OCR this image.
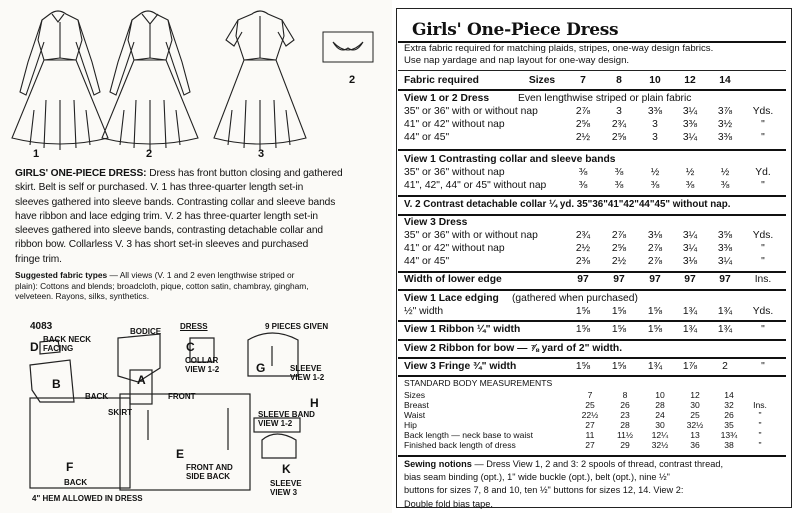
1	2	3
2
GIRLS' ONE-PIECE DRESS: Dress has front button closing and gathered
skirt. Belt is self or purchased. V. 1 has three-quarter length set-in
sleeves gathered into sleeve bands. Contrasting collar and sleeve bands
have ribbon and lace edging trim. V. 2 has three-quarter length set-in
sleeves gathered into sleeve bands, contrasting detachable collar and
ribbon bow. Collarless V. 3 has short set-in sleeves and purchased
fringe trim.
Suggested fabric types — All views (V. 1 and 2 even lengthwise striped or
plain): Cottons and blends; broadcloth, pique, cotton satin, chambray, gingham,
velveteen. Rayons, silks, synthetics.
4083	BODICE
DRESS	9 PIECES GIVEN
D
BACK NECK FACING
B
BACK
A
FRONT
C
COLLAR VIEW 1-2	G	SLEEVE VIEW 1-2
H
SLEEVE BAND VIEW 1-2
SKIRT
F
BACK
E
FRONT AND SIDE BACK
K
SLEEVE VIEW 3
4" HEM ALLOWED IN DRESS
Girls' One-Piece Dress
Extra fabric required for matching plaids, stripes, one-way design fabrics.
Use nap yardage and nap layout for one-way design.
Fabric required	Sizes	7	8	10	12	14
View 1 or 2 Dress	Even lengthwise striped or plain fabric
35" or 36" with or without nap	2⅞	3	3⅜	3¼	3⅞	Yds.
41" or 42" without nap	2⅝	2¾	3	3⅜	3½	"
44" or 45"	2½	2⅝	3	3¼	3⅜	"
View 1 Contrasting collar and sleeve bands
35" or 36" without nap	⅜	⅜	½	½	½	Yd.
41", 42", 44" or 45" without nap	⅜	⅜	⅜	⅜	⅜	"
V. 2 Contrast detachable collar ¼ yd. 35"36"41"42"44"45" without nap.
View 3 Dress
35" or 36" with or without nap	2¾	2⅞	3⅛	3¼	3⅝	Yds.
41" or 42" without nap	2½	2⅝	2⅞	3¼	3⅜	"
44" or 45"	2⅜	2½	2⅞	3⅛	3¼	"
Width of lower edge	97	97	97	97	97	Ins.
View 1 Lace edging (gathered when purchased)
½" width	1⅝	1⅝	1⅝	1¾	1¾	Yds.
View 1 Ribbon ¼" width	1⅝	1⅝	1⅝	1¾	1¾	"
View 2 Ribbon for bow — ⅞ yard of 2" width.
View 3 Fringe ¾" width	1⅝	1⅝	1¾	1⅞	2	"
STANDARD BODY MEASUREMENTS
Sizes	7	8	10	12	14
Breast	25	26	28	30	32	Ins.
Waist	22½	23	24	25	26	"
Hip	27	28	30	32½	35	"
Back length — neck base to waist	11	11½	12¼	13	13¾	"
Finished back length of dress	27	29	32½	36	38	"
Sewing notions — Dress View 1, 2 and 3: 2 spools of thread, contrast thread,
bias seam binding (opt.), 1" wide buckle (opt.), belt (opt.), nine ½"
buttons for sizes 7, 8 and 10, ten ½" buttons for sizes 12, 14. View 2:
Double fold bias tape.
